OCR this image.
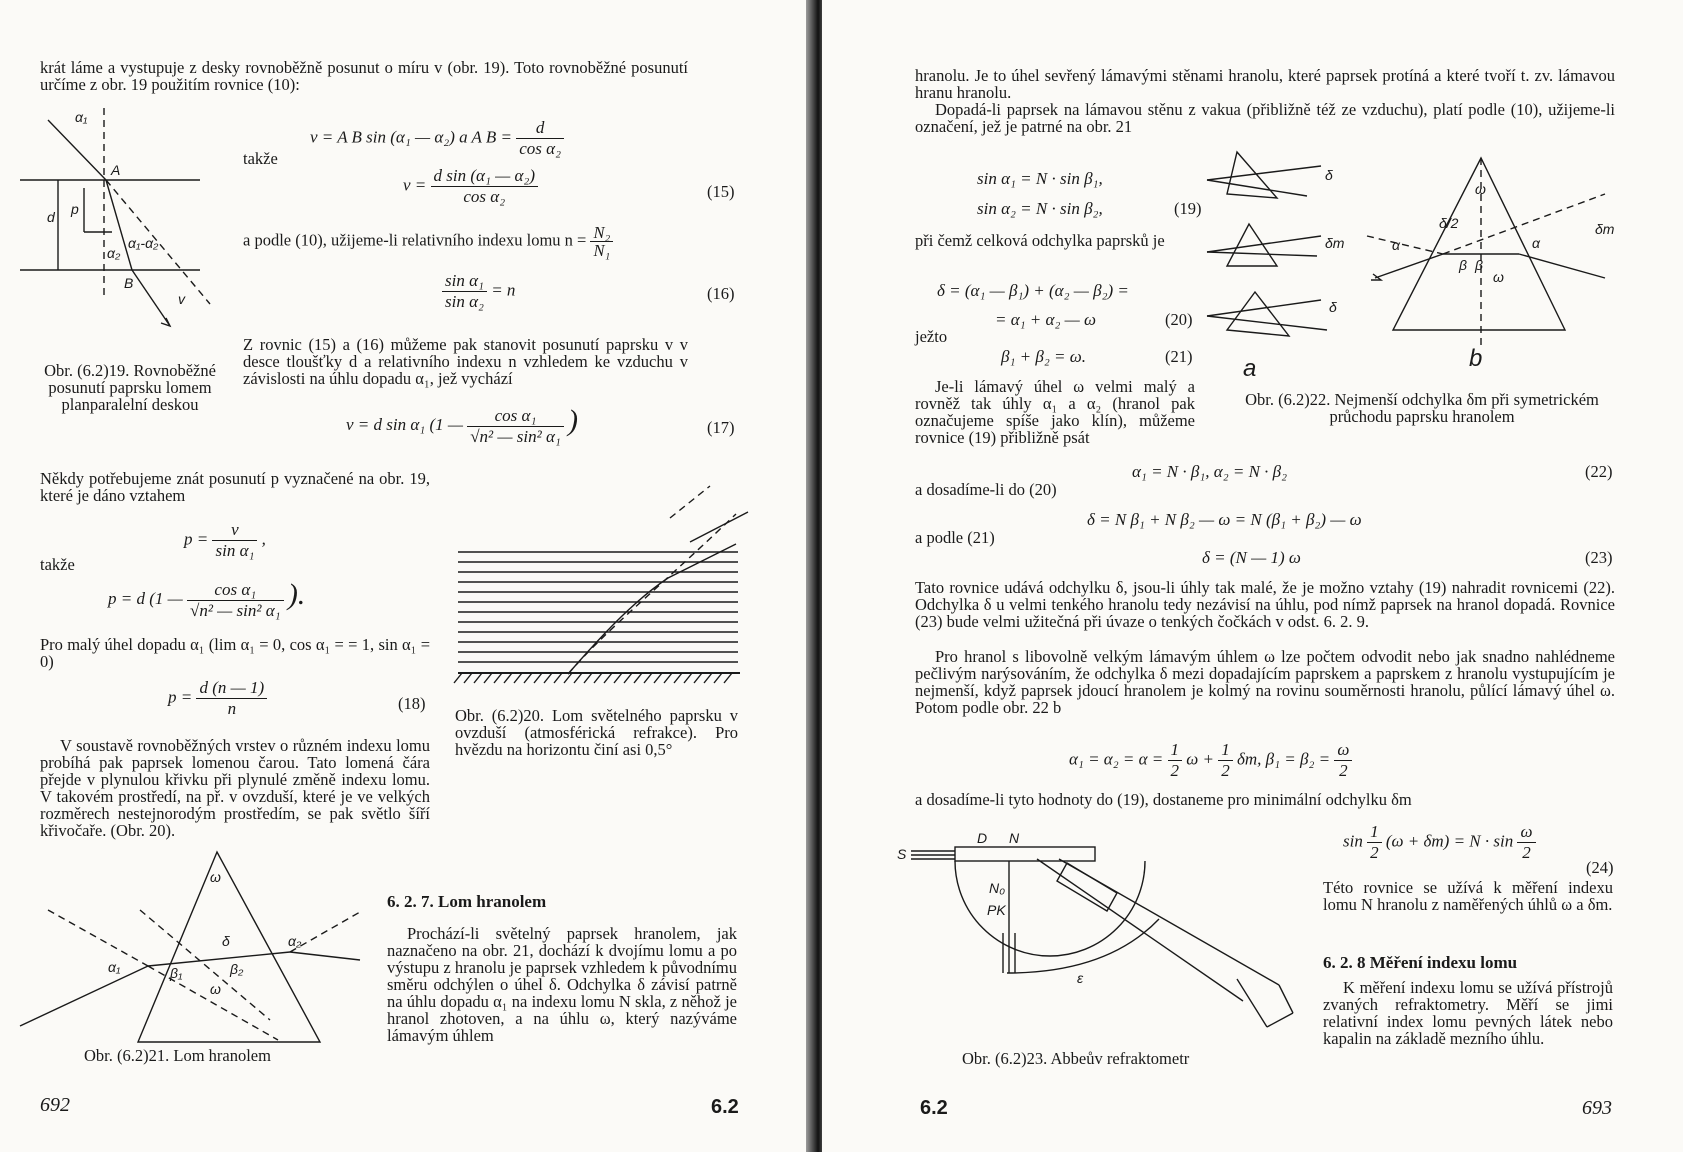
krát láme a vystupuje z desky rovnoběžně posunut o míru v (obr. 19). Toto rovnoběžné posunutí určíme z obr. 19 použitím rovnice (10):
α₁
A
d p
α₁-α₂
α₂
B
v
v = A B sin (α₁ — α₂) a A $B = \frac{d}{\text{cos α₂}}$
takže
$v = \frac{\text{d sin (α₁ — α₂)}}{\text{cos α₂}}$	(15)
a podle (10), užijeme-li relativního indexu lomu $n = \frac{\text{N₂}}{\text{N₁}}$
$\frac{\text{sin α₁}}{\text{sin α₂}} = n$	(16)
Z rovnic (15) a (16) můžeme pak stanovit posunutí paprsku v v desce tloušťky d a relativního indexu n vzhledem ke vzduchu v závislosti na úhlu dopadu α₁, jež vychází
Obr. (6.2)19. Rovnoběžné posunutí paprsku lomem planparalelní deskou
v = d sin α₁ (1 — $\frac{\text{cos α₁}}{\text{√n² — sin² α₁}}$ )	(17)
Někdy potřebujeme znát posunutí p vyznačené na obr. 19, které je dáno vztahem
$p = \frac{v}{\text{sin α₁}}$ ,
takže
p = d (1 — $\frac{\text{cos α₁}}{\text{√n² — sin² α₁}}$ ).
Pro malý úhel dopadu α₁ (lim α₁ = 0, cos α₁ = = 1, sin α₁ = 0)
$p = \frac{d (n — 1)}{n}$	(18)
Obr. (6.2)20. Lom světelného paprsku v ovzduší (atmosférická refrakce). Pro hvězdu na horizontu činí asi 0,5°
V soustavě rovnoběžných vrstev o různém indexu lomu probíhá pak paprsek lomenou čarou. Tato lomená čára přejde v plynulou křivku při plynulé změně indexu lomu. V takovém prostředí, na př. v ovzduší, které je ve velkých rozměrech nestejnorodým prostředím, se pak světlo šíří křivočaře. (Obr. 20).
ω
α₁
α₂
δ
β₁	β₂
ω
6. 2. 7. Lom hranolem
Prochází-li světelný paprsek hranolem, jak naznačeno na obr. 21, dochází k dvojímu lomu a po výstupu z hranolu je paprsek vzhledem k původnímu směru odchýlen o úhel δ. Odchylka δ závisí patrně na úhlu dopadu α₁ na indexu lomu N skla, z něhož je hranol zhotoven, a na úhlu ω, který nazýváme lámavým úhlem
Obr. (6.2)21. Lom hranolem
692	6.2
hranolu. Je to úhel sevřený lámavými stěnami hranolu, které paprsek protíná a které tvoří t. zv. lámavou hranu hranolu.
Dopadá-li paprsek na lámavou stěnu z vakua (přibližně též ze vzduchu), platí podle (10), užijeme-li označení, jež je patrné na obr. 21
sin α₁ = N · sin β₁,
sin α₂ = N · sin β₂,	(19)
při čemž celková odchylka paprsků je
δ = (α₁ — β₁) + (α₂ — β₂) =
= α₁ + α₂ — ω	(20)
ježto
β₁ + β₂ = ω.	(21)
Je-li lámavý úhel ω velmi malý a rovněž tak úhly α₁ a α₂ (hranol pak označujeme spíše jako klín), můžeme rovnice (19) přibližně psát
δ
δm
δ
δ/2
ω
α	α
β β
ω
δm
a	b
Obr. (6.2)22. Nejmenší odchylka δm při symetrickém průchodu paprsku hranolem
α₁ = N · β₁, α₂ = N · β₂	(22)
a dosadíme-li do (20)
δ = N β₁ + N β₂ — ω = N (β₁ + β₂) — ω
a podle (21)
δ = (N — 1) ω	(23)
Tato rovnice udává odchylku δ, jsou-li úhly tak malé, že je možno vztahy (19) nahradit rovnicemi (22). Odchylka δ u velmi tenkého hranolu tedy nezávisí na úhlu, pod nímž paprsek na hranol dopadá. Rovnice (23) bude velmi užitečná při úvaze o tenkých čočkách v odst. 6. 2. 9.
Pro hranol s libovolně velkým lámavým úhlem ω lze počtem odvodit nebo jak snadno nahlédneme pečlivým narýsováním, že odchylka δ mezi dopadajícím paprskem a paprskem z hranolu vystupujícím je nejmenší, když paprsek jdoucí hranolem je kolmý na rovinu souměrnosti hranolu, půlící lámavý úhel ω. Potom podle obr. 22 b
$\alpha_1 = \alpha_2 = \alpha = \frac{1}{2}$ $\omega + \frac{1}{2} \delta m$, $\beta_1 = \beta_2 = \frac{\omega}{2}$
a dosadíme-li tyto hodnoty do (19), dostaneme pro minimální odchylku δm
S
D N
N₀
PK
ε
Obr. (6.2)23. Abbeův refraktometr
$\sin \frac{1}{2} (\omega + \delta m) = N \cdot \sin \frac{\omega}{2}$
(24)
Této rovnice se užívá k měření indexu lomu N hranolu z naměřených úhlů ω a δm.
6. 2. 8 Měření indexu lomu
K měření indexu lomu se užívá přístrojů zvaných refraktometry. Měří se jimi relativní index lomu pevných látek nebo kapalin na základě mezního úhlu.
6.2	693
